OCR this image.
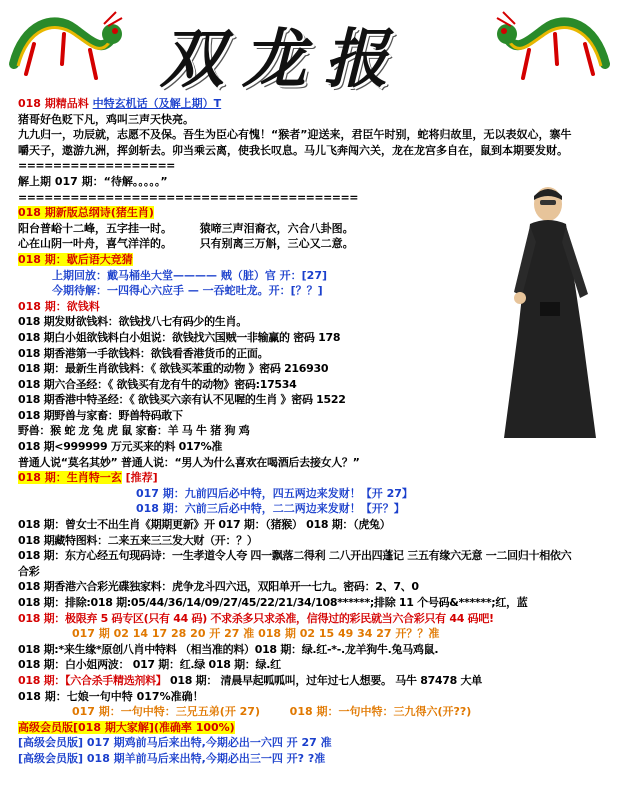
双龙报
018 期精品料 中特玄机话（及解上期）T
猪哥好色贬下凡，鸡叫三声天快亮。
九九归一，功辰就，志愿不及保。吾生为臣心有愧！“猴者”迎送来，君臣午时别，蛇将归故里，无以表奴心，寨牛嚼天子，遨游九洲，挥剑斩去。卯当乘云离，使我长叹息。马儿飞奔闯六关，龙在龙宫多自在，鼠到本期要发财。
==================
解上期 017 期：“待解。。。。。”
=======================================
018 期新版总纲诗(猪生肖)
阳台普峪十二峰，五字挂一时。	猿啼三声泪裔衣，六合八卦图。
心在山阴一叶舟，喜气洋洋的。	只有别离三万斛，三心又二意。
018 期：歇后语大竞猜
上期回放：戴马桶坐大堂———— 贼（脏）官 开：[27]
今期待解：一四得心六应手 — 一吞蛇吐龙。开：[？？]
018 期：欲钱料
018 期发财欲钱料：欲钱找八七有码少的生肖。
018 期白小姐欲钱料白小姐说：欲钱找六国贼一非输赢的 密码 178
018 期香港第一手欲钱料：欲钱看香港货币的正面。
018 期：最新生肖欲钱料：《 欲钱买苯重的动物 》密码 216930
018 期六合圣经：《 欲钱买有龙有牛的动物》密码:17534
018 期香港中特圣经：《 欲钱买六亲有认不见喔的生肖 》密码 1522
018 期野兽与家畜：野兽特码敢下
野兽：猴 蛇 龙 兔 虎 鼠 家畜：羊 马 牛 猪 狗 鸡
018 期<999999 万元买来的料 017%准
普通人说“莫名其妙” 普通人说：“男人为什么喜欢在喝酒后去接女人？”
018 期：生肖特一玄 [推荐]
017 期：九前四后必中特，四五两边来发财！【开 27】
018 期：六前三后必中特，二二两边来发财！【开？】
018 期：曾女士不出生肖《期期更新》开 017 期：（猪猴） 018 期：（虎兔）
018 期藏特图料：二来五来三三发大财（开：？）
018 期：东方心经五句现码诗：一生孝道令人夸 四一飘落二得利 二八开出四蓬记 三五有缘六无意 一二回归十相依六合彩
018 期香港六合彩光碟独家料：虎争龙斗四六迅，双阳单开一七九。密码：2、7、0
018 期：排除:018 期:05/44/36/14/09/27/45/22/21/34/108******;排除 11 个号码&******;红，蓝
018 期：极限弃 5 码专区(只有 44 码) 不求杀多只求杀准，信得过的彩民就当六合彩只有 44 码吧!
017 期 02 14 17 28 20 开 27 准 018 期 02 15 49 34 27 开？？准
018 期:*来生缘*原创八肖中特料 （相当准的料）018 期：绿.红-*-.龙羊狗牛.兔马鸡鼠.
018 期：白小姐两波： 017 期：红.绿 018 期：绿.红
018 期：【六合杀手精选剂料】 018 期： 清晨早起呱呱叫，过年过七人想要。 马牛 87478 大单
018 期：七娘一句中特 017%准确！
017 期：一句中特：三兄五弟(开 27)	018 期：一句中特：三九得六(开??)
高级会员版[018 期大家解](准确率 100%)
[高级会员版] 017 期鸡前马后来出特,今期必出一六四 开 27 准
[高级会员版] 018 期羊前马后来出特,今期必出三一四 开? ?准
